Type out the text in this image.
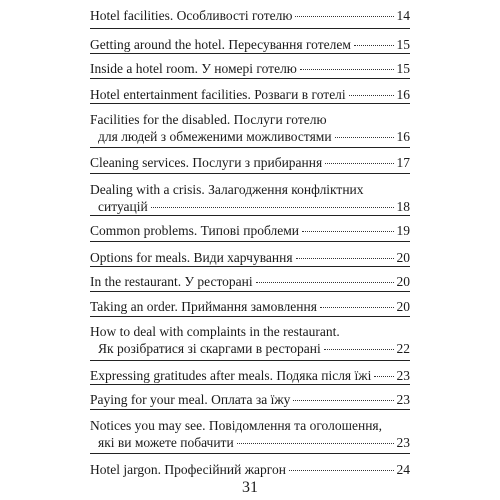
Hotel facilities. Особливості готелю	14
Getting around the hotel. Пересування готелем	15
Inside a hotel room. У номері готелю	15
Hotel entertainment facilities. Розваги в готелі	16
Facilities for the disabled. Послуги готелю
для людей з обмеженими можливостями	16
Cleaning services. Послуги з прибирання	17
Dealing with a crisis. Залагодження конфліктних
ситуацій	18
Common problems. Типові проблеми	19
Options for meals. Види харчування	20
In the restaurant. У ресторані	20
Taking an order. Приймання замовлення	20
How to deal with complaints in the restaurant.
Як розібратися зі скаргами в ресторані	22
Expressing gratitudes after meals. Подяка після їжі 23
Paying for your meal. Оплата за їжу	23
Notices you may see. Повідомлення та оголошення,
які ви можете побачити	23
Hotel jargon. Професійний жаргон	24
31
